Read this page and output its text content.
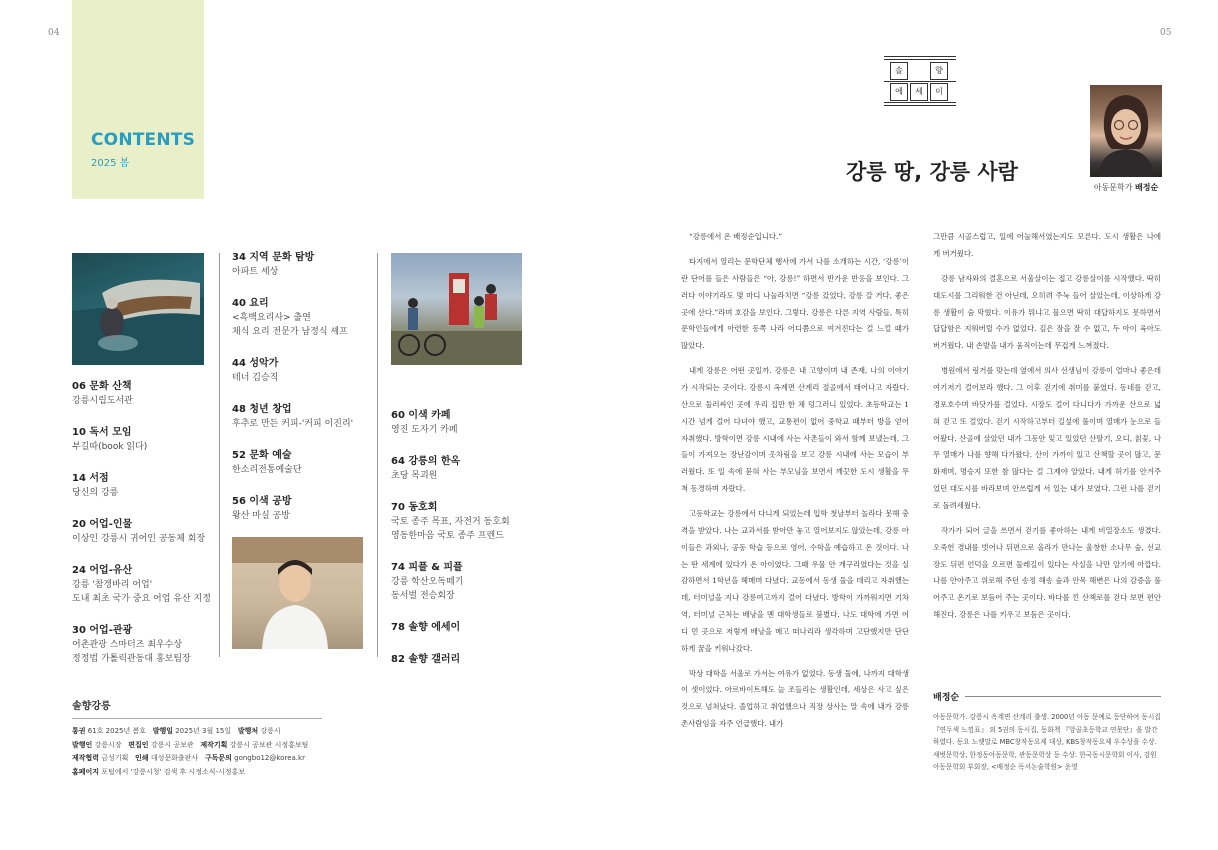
04	05
CONTENTS
2025 봄
06 문화 산책
강릉시립도서관
10 독서 모임
부길따(book 읽다)
14 서점
당신의 강릉
20 어업-인물
이상인 강릉시 귀어인 공동체 회장
24 어업-유산
강릉 '참겡바리 어업'
도내 최초 국가 중요 어업 유산 지정
30 어업-관광
어촌관광 스마터즈 최우수상
정정법 가톨릭관동대 홍보팀장
34 지역 문화 탐방
아파트 세상
40 요리
<흑백요리사> 출연
채식 요리 전문가 남정식 셰프
44 성악가
테너 김승직
48 청년 창업
후추로 만든 커피-'커피 이진리'
52 문화 예술
한소리전통예술단
56 이색 공방
왕산 마실 공방
60 이색 카페
영진 도자기 카페
64 강릉의 한옥
초당 목괴원
70 동호회
국토 종주 목표, 자전거 동호회
영동한마음 국토 종주 프렌드
74 피플 & 피플
강릉 학산오독떼기
동서벌 전승회장
78 솔향 에세이
82 솔향 갤러리
솔향강릉
통권 61호 2025년 봄호 발행일 2025년 3월 15일 발행처 강릉시
발행인 강릉시장 편집인 강릉시 공보관 제작기획 강릉시 공보관 시정홍보팀
제작협력 금성기획 인쇄 대성문화출판사 구독문의 gongbo12@korea.kr
홈페이지 포털에서 '강릉시청' 검색 후 시정소식-시정홍보
솔	향
에	세	이
강릉 땅, 강릉 사람
아동문학가 배정순

“강릉에서 온 배정순입니다.”

타지에서 열리는 문학단체 행사에 가서 나를 소개하는 시간, ‘강릉’이란 단어를 들은 사람들은 “아, 강릉!” 하면서 반가운 반응을 보인다. 그러다 이야기라도 몇 마디 나눌라치면 “강릉 갔었다, 강릉 갈 거다, 좋은 곳에 산다.”라며 호감을 보인다. 그렇다. 강릉은 다른 지역 사람들, 특히 문학인들에게 아련한 동쪽 나라 어디쯤으로 여겨진다는 걸 느낄 때가 많았다.

내게 강릉은 어떤 곳일까. 강릉은 내 고향이며 내 존재, 나의 이야기가 시작되는 곳이다. 강릉시 옥계면 산계리 절골에서 태어나고 자랐다. 산으로 둘러싸인 곳에 우리 집만 한 채 덩그러니 있었다. 초등학교는 1시간 넘게 걸어 다녀야 했고, 교통편이 없어 중학교 때부터 방을 얻어 자취했다. 방학이면 강릉 시내에 사는 사촌들이 와서 함께 보냈는데, 그들이 가져오는 장난감이며 옷차림을 보고 강릉 시내에 사는 모습이 부러웠다. 또 일 속에 묻혀 사는 부모님을 보면서 깨끗한 도시 생활을 무척 동경하며 자랐다.

고등학교는 강릉에서 다니게 되었는데 입학 첫날부터 놀라다 못해 충격을 받았다. 나는 교과서를 받아만 놓고 열어보지도 않았는데, 강릉 아이들은 과외나, 공동 학습 등으로 영어, 수학을 예습하고 온 것이다. 나는 딴 세계에 있다가 온 아이였다. 그때 우물 안 개구리였다는 것을 실감하면서 1학년을 헤매며 다녔다. 교동에서 동생 둘을 데리고 자취했는데, 터미널을 지나 강릉여고까지 걸어 다녔다. 방학이 가까워지면 기차역, 터미널 근처는 배낭을 멘 대학생들로 붐볐다. 나도 대학에 가면 어디 먼 곳으로 저렇게 배낭을 메고 떠나리라 생각하며 고단했지만 단단하게 꿈을 키워나갔다.

막상 대학을 서울로 가서는 여유가 없었다. 동생 둘에, 나까지 대학생이 셋이었다. 아르바이트해도 늘 조들리는 생활인데, 세상은 사고 싶은 것으로 넘쳐났다. 졸업하고 취업했으나 직장 상사는 말 속에 내가 강릉 촌사람임을 자주 언급했다. 내가

그만큼 시골스럽고, 일에 어눌해서였는지도 모른다. 도시 생활은 나에게 버거웠다.

강릉 남자와의 결혼으로 서울살이는 접고 강릉살이를 시작했다. 딱히 대도시를 그리워한 건 아닌데, 오히려 주눅 들어 살았는데, 이상하게 강릉 생활이 숨 막혔다. 이유가 뭐냐고 물으면 딱히 대답하지도 못하면서 답답함은 지워버릴 수가 없었다. 깊은 잠을 잘 수 없고, 두 아이 육아도 버거웠다. 내 손발을 내가 움직이는데 무겁게 느껴졌다.

병원에서 링거를 맞는데 옆에서 의사 선생님이 강릉이 얼마나 좋은데 여기저기 걸어보라 했다. 그 이후 걷기에 취미를 붙였다. 동네를 걷고, 경포호수며 바닷가를 걸었다. 시장도 걸어 다니다가 가까운 산으로 넓혀 걷고 또 걸었다. 걷기 시작하고부터 길섶에 풀이며 열매가 눈으로 들어왔다. 산골에 살았던 내가 그동안 잊고 있었던 산딸기, 오디, 칡꽃, 나무 열매가 나를 향해 다가왔다. 산이 가까이 있고 산책할 곳이 많고, 문화재며, 명승지 또한 참 많다는 걸 그제야 알았다. 내게 허기를 안겨주었던 대도시를 바라보며 안쓰럽게 서 있는 내가 보였다. 그런 나를 걷기로 돌려세웠다.

작가가 되어 글을 쓰면서 걷기를 좋아하는 내게 비밀장소도 생겼다. 오죽헌 경내를 벗어나 뒤편으로 올라가 만나는 울창한 소나무 숲, 선교장도 뒤편 언덕을 오르면 둘레길이 있다는 사실을 나만 알기에 아깝다. 나를 안아주고 위로해 주던 송정 해송 숲과 안목 해변은 나의 감증을 풀어주고 온기로 보듬어 주는 곳이다. 바다를 낀 산책로를 걷다 보면 편안해진다. 강릉은 나를 키우고 보듬은 곳이다.

배정순
아동문학가. 강릉시 옥계면 산계리 출생. 2000년 아동 문예로 등단하여 동시집 『연두색 느낌표』 외 5권의 동시집, 동화책 『앙골초등학교 연못단』을 발간하였다. 동요 노랫말로 MBC창작동요제 대상, KBS창작동요제 우수상을 수상. 새벗문학상, 한정동아동문학, 관동문학상 등 수상. 한국동시문학회 이사, 강원아동문학회 부회장, <배정순 독서논술학원> 운영
